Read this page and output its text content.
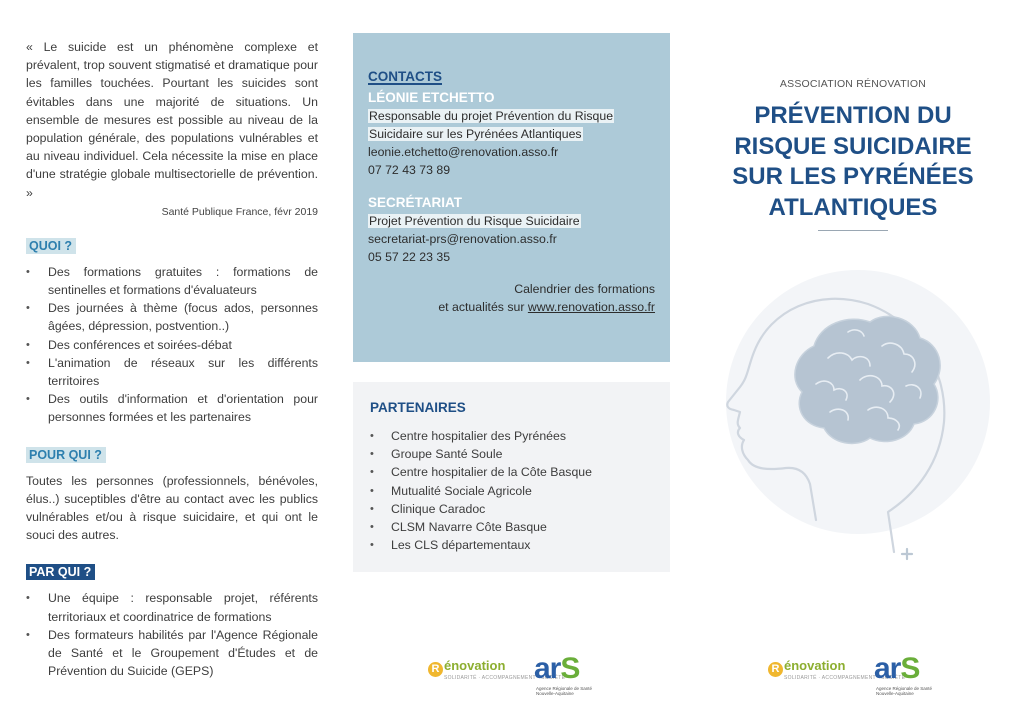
« Le suicide est un phénomène complexe et prévalent, trop souvent stigmatisé et dramatique pour les familles touchées. Pourtant les suicides sont évitables dans une majorité de situations. Un ensemble de mesures est possible au niveau de la population générale, des populations vulnérables et au niveau individuel. Cela nécessite la mise en place d'une stratégie globale multisectorielle de prévention. »
Santé Publique France, févr 2019
QUOI ?
• Des formations gratuites : formations de sentinelles et formations d'évaluateurs
• Des journées à thème (focus ados, personnes âgées, dépression, postvention..)
• Des conférences et soirées-débat
• L'animation de réseaux sur les différents territoires
• Des outils d'information et d'orientation pour personnes formées et les partenaires
POUR QUI ?
Toutes les personnes (professionnels, bénévoles, élus..) suceptibles d'être au contact avec les publics vulnérables et/ou à risque suicidaire, et qui ont le souci des autres.
PAR QUI ?
• Une équipe : responsable projet, référents territoriaux et coordinatrice de formations
• Des formateurs habilités par l'Agence Régionale de Santé et le Groupement d'Études et de Prévention du Suicide (GEPS)
CONTACTS
LÉONIE ETCHETTO
Responsable du projet Prévention du Risque
Suicidaire sur les Pyrénées Atlantiques
leonie.etchetto@renovation.asso.fr
07 72 43 73 89
SECRÉTARIAT
Projet Prévention du Risque Suicidaire
secretariat-prs@renovation.asso.fr
05 57 22 23 35
Calendrier des formations
et actualités sur www.renovation.asso.fr
PARTENAIRES
• Centre hospitalier des Pyrénées
• Groupe Santé Soule
• Centre hospitalier de la Côte Basque
• Mutualité Sociale Agricole
• Clinique Caradoc
• CLSM Navarre Côte Basque
• Les CLS départementaux
ASSOCIATION RÉNOVATION
PRÉVENTION DU RISQUE SUICIDAIRE SUR LES PYRÉNÉES ATLANTIQUES
R énovation
SOLIDARITÉ · ACCOMPAGNEMENT · SOCIÉTÉ
arS
Agence Régionale de Santé
Nouvelle-Aquitaine
R énovation
SOLIDARITÉ · ACCOMPAGNEMENT · SOCIÉTÉ
arS
Agence Régionale de Santé
Nouvelle-Aquitaine
